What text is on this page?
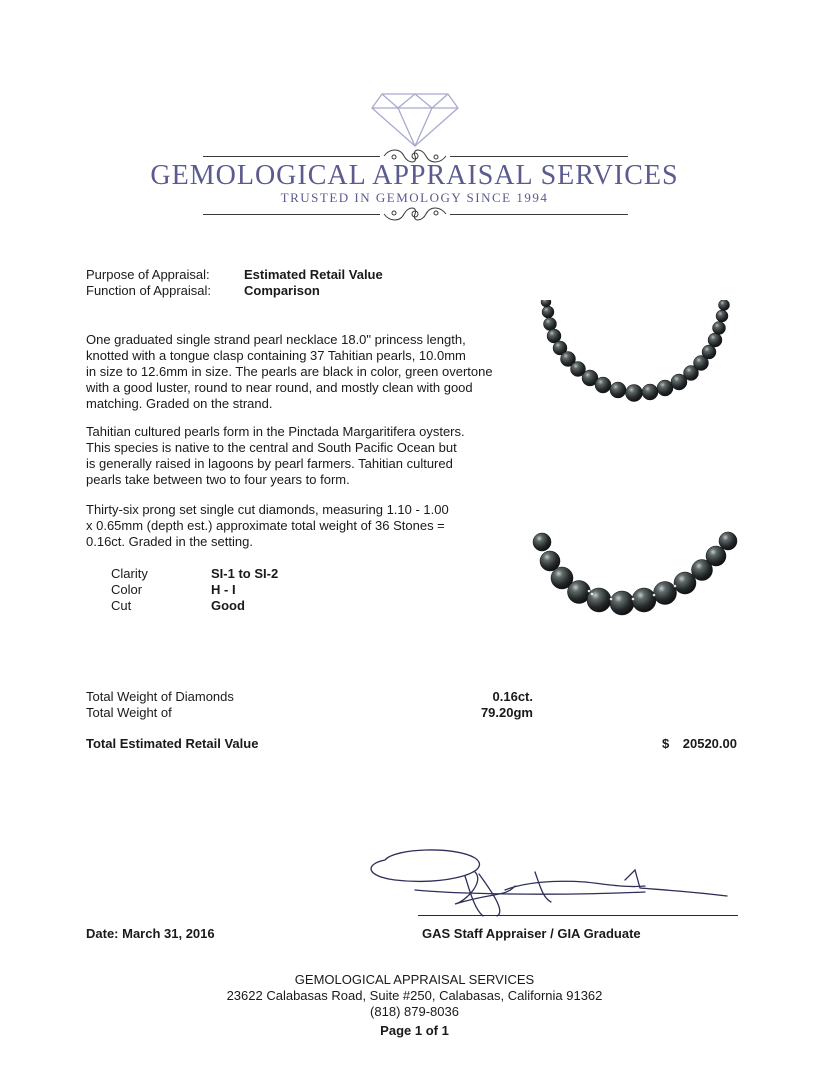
GEMOLOGICAL APPRAISAL SERVICES
TRUSTED IN GEMOLOGY SINCE 1994
Purpose of Appraisal:	Estimated Retail Value
Function of Appraisal:	Comparison
One graduated single strand pearl necklace 18.0" princess length,
knotted with a tongue clasp containing 37 Tahitian pearls, 10.0mm
in size to 12.6mm in size. The pearls are black in color, green overtone
with a good luster, round to near round, and mostly clean with good
matching. Graded on the strand.
Tahitian cultured pearls form in the Pinctada Margaritifera oysters.
This species is native to the central and South Pacific Ocean but
is generally raised in lagoons by pearl farmers. Tahitian cultured
pearls take between two to four years to form.
Thirty-six prong set single cut diamonds, measuring 1.10 - 1.00
x 0.65mm (depth est.) approximate total weight of 36 Stones =
0.16ct. Graded in the setting.
Clarity	SI-1 to SI-2
Color	H - I
Cut	Good
Total Weight of Diamonds	0.16ct.
Total Weight of	79.20gm
Total Estimated Retail Value	$	20520.00
Date: March 31, 2016	GAS Staff Appraiser / GIA Graduate
GEMOLOGICAL APPRAISAL SERVICES
23622 Calabasas Road, Suite #250, Calabasas, California 91362
(818) 879-8036
Page 1 of 1
